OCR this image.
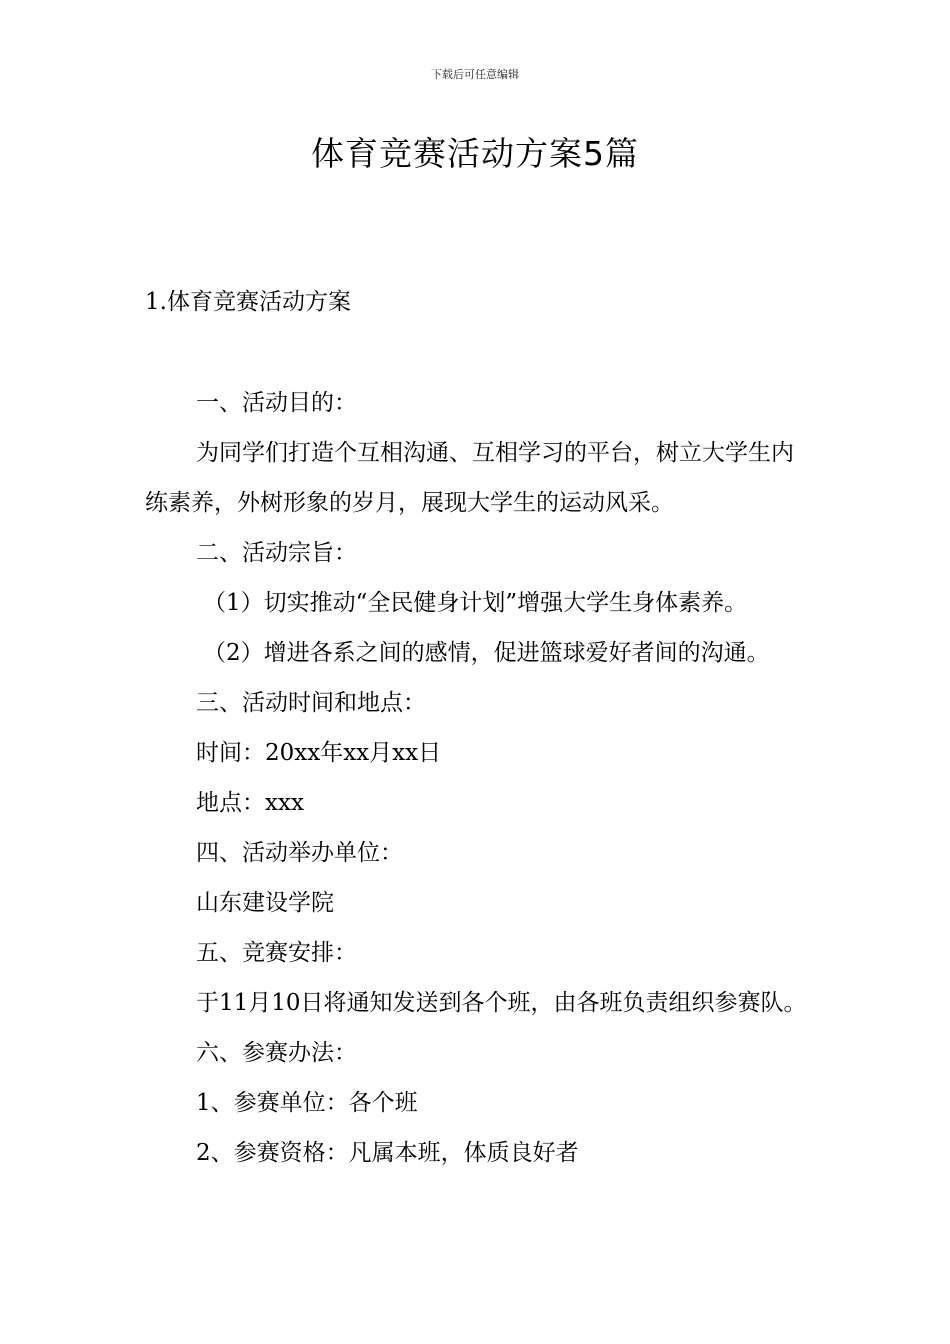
下载后可任意编辑
体育竞赛活动方案5篇
1.体育竞赛活动方案

一、活动目的：

为同学们打造个互相沟通、互相学习的平台，树立大学生内练素养，外树形象的岁月，展现大学生的运动风采。

二、活动宗旨：

（1）切实推动“全民健身计划”增强大学生身体素养。

（2）增进各系之间的感情，促进篮球爱好者间的沟通。

三、活动时间和地点：

时间：20xx年xx月xx日

地点：xxx

四、活动举办单位：

山东建设学院

五、竞赛安排：

于11月10日将通知发送到各个班，由各班负责组织参赛队。

六、参赛办法：

1、参赛单位：各个班

2、参赛资格：凡属本班，体质良好者
